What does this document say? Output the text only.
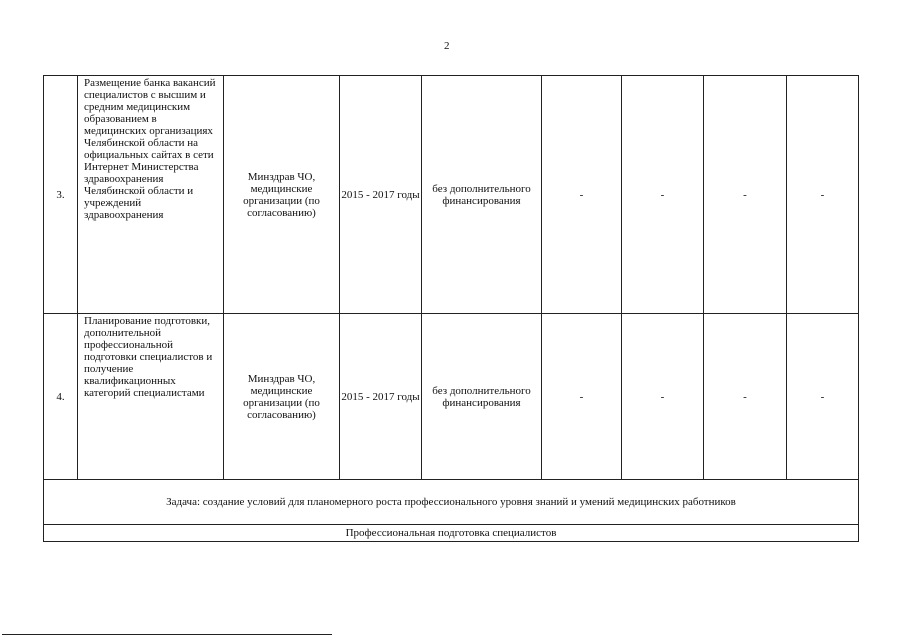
2
3.	Размещение банка вакансий специалистов с высшим и средним медицинским образованием в медицинских организациях Челябинской области на официальных сайтах в сети Интернет Министерства здравоохранения Челябинской области и учреждений здравоохранения	Минздрав ЧО, медицинские организации (по согласованию)	2015 - 2017 годы	без дополнительного финансирования	-	-	-	-
4.	Планирование подготовки, дополнительной профессиональной подготовки специалистов и получение квалификационных категорий специалистами	Минздрав ЧО, медицинские организации (по согласованию)	2015 - 2017 годы	без дополнительного финансирования	-	-	-	-
Задача: создание условий для планомерного роста профессионального уровня знаний и умений медицинских работников								
Профессиональная подготовка специалистов								
